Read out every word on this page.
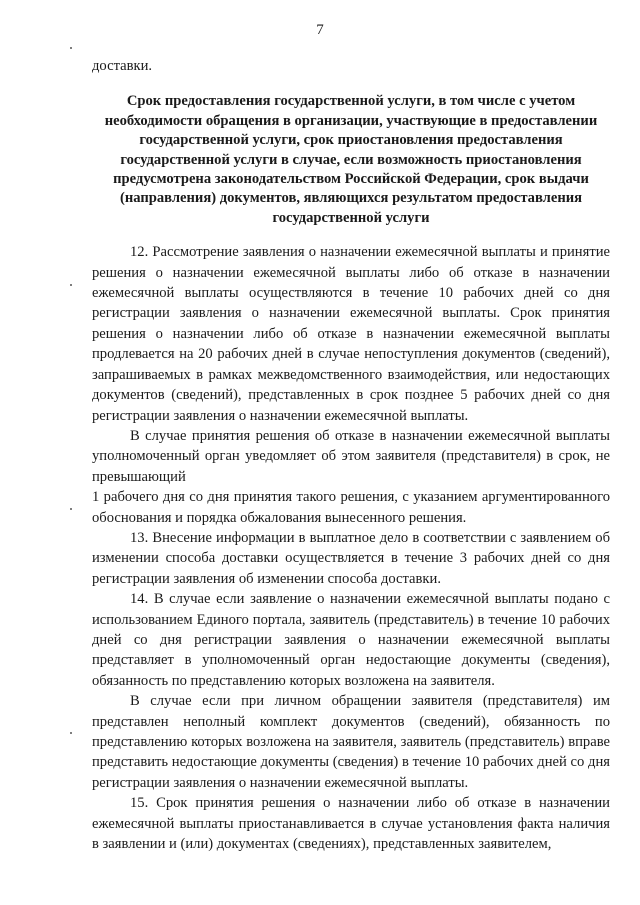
7

доставки.

Срок предоставления государственной услуги, в том числе с учетом необходимости обращения в организации, участвующие в предоставлении государственной услуги, срок приостановления предоставления государственной услуги в случае, если возможность приостановления предусмотрена законодательством Российской Федерации, срок выдачи (направления) документов, являющихся результатом предоставления государственной услуги

12. Рассмотрение заявления о назначении ежемесячной выплаты и принятие решения о назначении ежемесячной выплаты либо об отказе в назначении ежемесячной выплаты осуществляются в течение 10 рабочих дней со дня регистрации заявления о назначении ежемесячной выплаты. Срок принятия решения о назначении либо об отказе в назначении ежемесячной выплаты продлевается на 20 рабочих дней в случае непоступления документов (сведений), запрашиваемых в рамках межведомственного взаимодействия, или недостающих документов (сведений), представленных в срок позднее 5 рабочих дней со дня регистрации заявления о назначении ежемесячной выплаты.

В случае принятия решения об отказе в назначении ежемесячной выплаты уполномоченный орган уведомляет об этом заявителя (представителя) в срок, не превышающий

1 рабочего дня со дня принятия такого решения, с указанием аргументированного обоснования и порядка обжалования вынесенного решения.

13. Внесение информации в выплатное дело в соответствии с заявлением об изменении способа доставки осуществляется в течение 3 рабочих дней со дня регистрации заявления об изменении способа доставки.

14. В случае если заявление о назначении ежемесячной выплаты подано с использованием Единого портала, заявитель (представитель) в течение 10 рабочих дней со дня регистрации заявления о назначении ежемесячной выплаты представляет в уполномоченный орган недостающие документы (сведения), обязанность по представлению которых возложена на заявителя.

В случае если при личном обращении заявителя (представителя) им представлен неполный комплект документов (сведений), обязанность по представлению которых возложена на заявителя, заявитель (представитель) вправе представить недостающие документы (сведения) в течение 10 рабочих дней со дня регистрации заявления о назначении ежемесячной выплаты.

15. Срок принятия решения о назначении либо об отказе в назначении ежемесячной выплаты приостанавливается в случае установления факта наличия в заявлении и (или) документах (сведениях), представленных заявителем,
